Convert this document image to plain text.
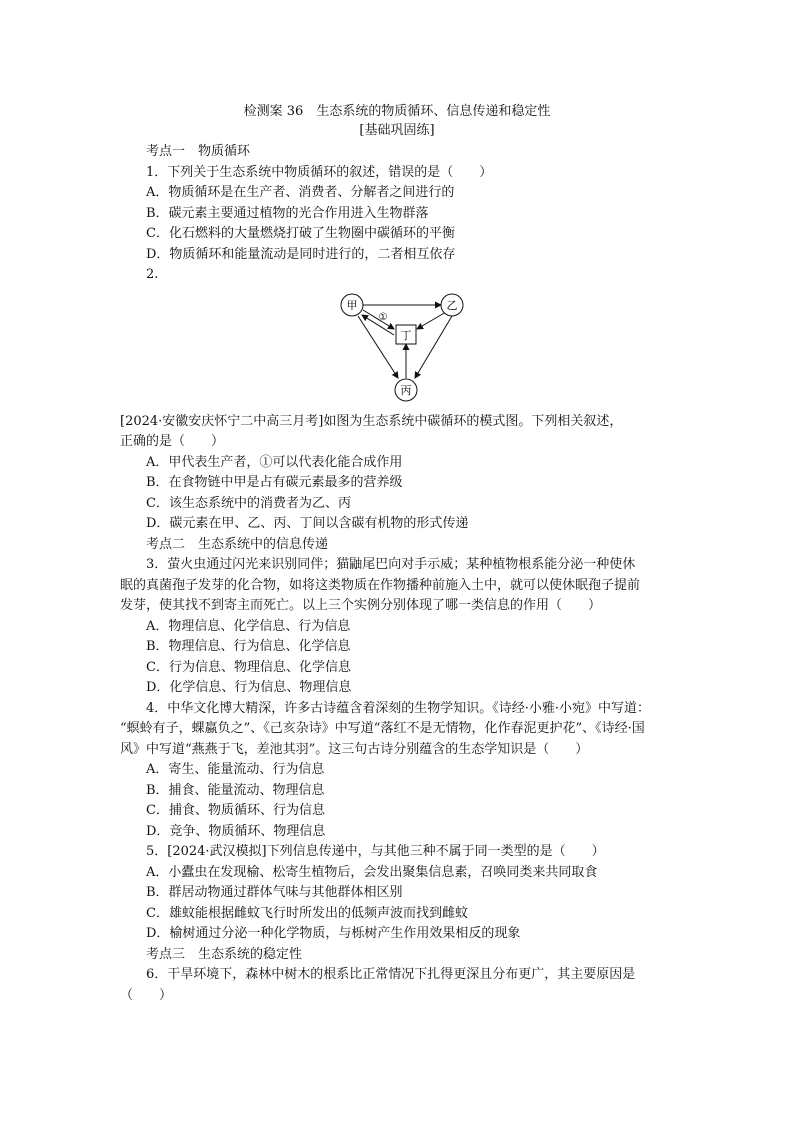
检测案 36　生态系统的物质循环、信息传递和稳定性
[基础巩固练]
考点一　物质循环
1．下列关于生态系统中物质循环的叙述，错误的是（　　）
A．物质循环是在生产者、消费者、分解者之间进行的
B．碳元素主要通过植物的光合作用进入生物群落
C．化石燃料的大量燃烧打破了生物圈中碳循环的平衡
D．物质循环和能量流动是同时进行的，二者相互依存
2.
甲	乙
丁
丙
①
[2024·安徽安庆怀宁二中高三月考]如图为生态系统中碳循环的模式图。下列相关叙述，
正确的是（　　）
A．甲代表生产者，①可以代表化能合成作用
B．在食物链中甲是占有碳元素最多的营养级
C．该生态系统中的消费者为乙、丙
D．碳元素在甲、乙、丙、丁间以含碳有机物的形式传递
考点二　生态系统中的信息传递
3．萤火虫通过闪光来识别同伴；猫鼬尾巴向对手示威；某种植物根系能分泌一种使休
眠的真菌孢子发芽的化合物，如将这类物质在作物播种前施入土中，就可以使休眠孢子提前
发芽，使其找不到寄主而死亡。以上三个实例分别体现了哪一类信息的作用（　　）
A．物理信息、化学信息、行为信息
B．物理信息、行为信息、化学信息
C．行为信息、物理信息、化学信息
D．化学信息、行为信息、物理信息
4．中华文化博大精深，许多古诗蕴含着深刻的生物学知识。《诗经·小雅·小宛》中写道：
“螟蛉有子，蜾蠃负之”、《己亥杂诗》中写道“落红不是无情物，化作春泥更护花”、《诗经·国
风》中写道“燕燕于飞，差池其羽”。这三句古诗分别蕴含的生态学知识是（　　）
A．寄生、能量流动、行为信息
B．捕食、能量流动、物理信息
C．捕食、物质循环、行为信息
D．竞争、物质循环、物理信息
5．[2024·武汉模拟]下列信息传递中，与其他三种不属于同一类型的是（　　）
A．小蠹虫在发现榆、松寄生植物后，会发出聚集信息素，召唤同类来共同取食
B．群居动物通过群体气味与其他群体相区别
C．雄蚊能根据雌蚊飞行时所发出的低频声波而找到雌蚊
D．榆树通过分泌一种化学物质，与栎树产生作用效果相反的现象
考点三　生态系统的稳定性
6．干旱环境下，森林中树木的根系比正常情况下扎得更深且分布更广，其主要原因是
（　　）
